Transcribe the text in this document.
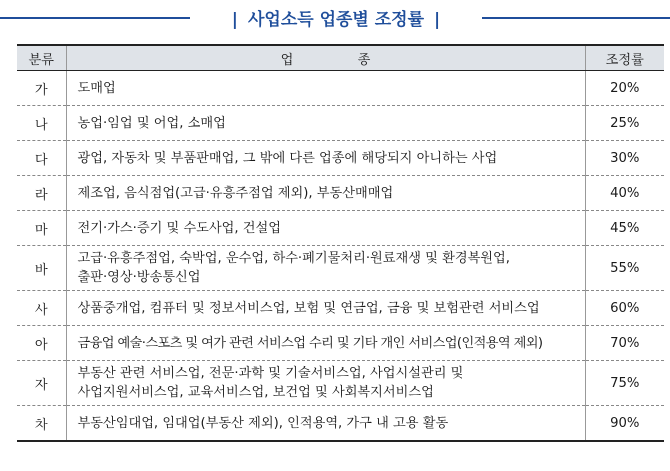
| 사업소득 업종별 조정률 |
분류	업 종	조정률
가	도매업	20%
나	농업·임업 및 어업, 소매업	25%
다	광업, 자동차 및 부품판매업, 그 밖에 다른 업종에 해당되지 아니하는 사업	30%
라	제조업, 음식점업(고급·유흥주점업 제외), 부동산매매업	40%
마	전기·가스·증기 및 수도사업, 건설업	45%
바	고급·유흥주점업, 숙박업, 운수업, 하수·폐기물처리·원료재생 및 환경복원업,
출판·영상·방송통신업	55%
사	상품중개업, 컴퓨터 및 정보서비스업, 보험 및 연금업, 금융 및 보험관련 서비스업	60%
아	금융업 예술·스포츠 및 여가 관련 서비스업 수리 및 기타 개인 서비스업(인적용역 제외)	70%
자	부동산 관련 서비스업, 전문·과학 및 기술서비스업, 사업시설관리 및
사업지원서비스업, 교육서비스업, 보건업 및 사회복지서비스업	75%
차	부동산임대업, 임대업(부동산 제외), 인적용역, 가구 내 고용 활동	90%
